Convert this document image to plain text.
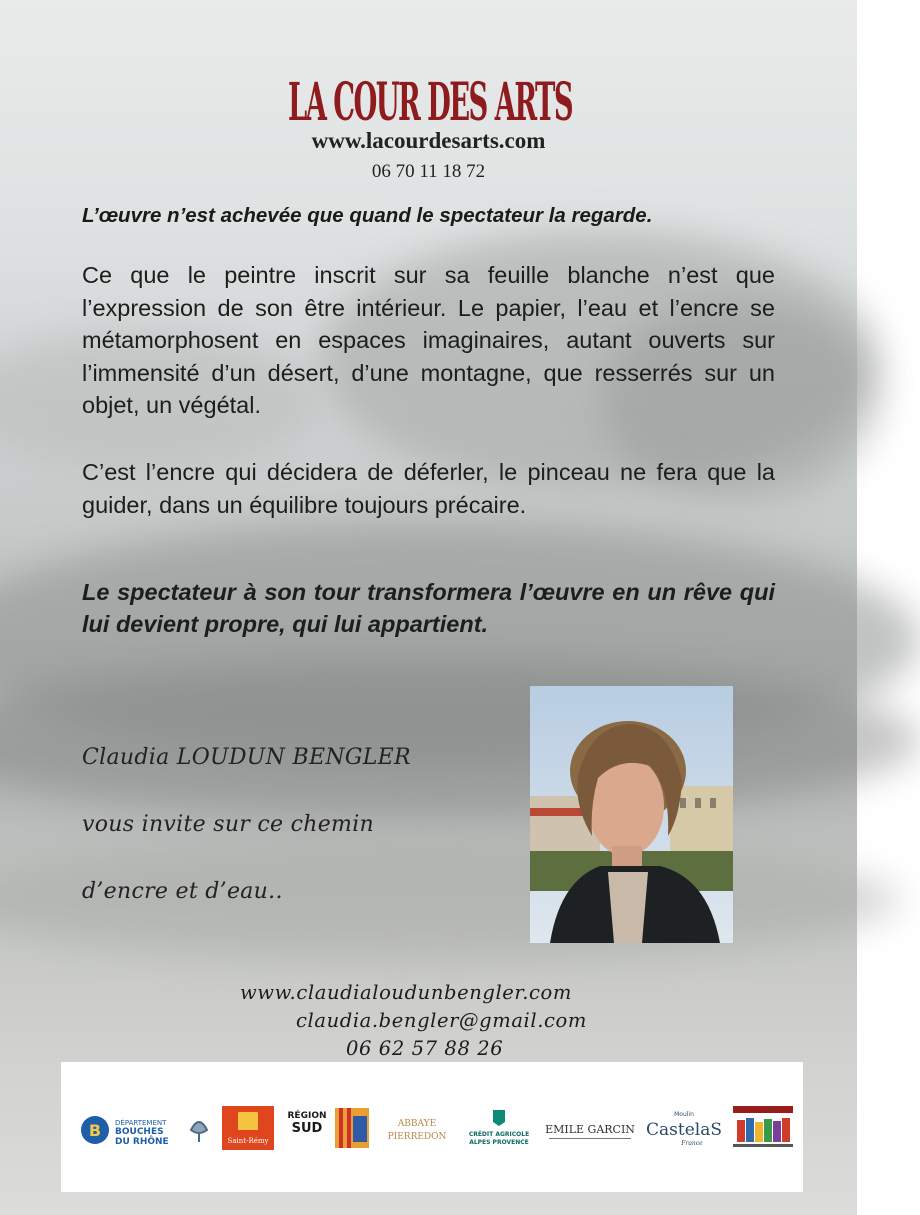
LA COUR DES ARTS
www.lacourdesarts.com
06 70 11 18 72
L’œuvre n’est achevée que quand le spectateur la regarde.
Ce que le peintre inscrit sur sa feuille blanche n’est que l’expression de son être intérieur. Le papier, l’eau et l’encre se métamorphosent en espaces imaginaires, autant ouverts sur l’immensité d’un désert, d’une montagne, que resserrés sur un objet, un végétal.
C’est l’encre qui décidera de déferler, le pinceau ne fera que la guider, dans un équilibre toujours précaire.
Le spectateur à son tour transformera l’œuvre en un rêve qui lui devient propre, qui lui appartient.
Claudia LOUDUN BENGLER
vous invite sur ce chemin
d’encre et d’eau..
www.claudialoudunbengler.com
claudia.bengler@gmail.com
06 62 57 88 26
B DÉPARTEMENT
BOUCHES
DU RHÔNE	Saint-Rémy
RÉGION
SUD	ABBAYE
PIERREDON	CRÉDIT AGRICOLE
ALPES PROVENCE
EMILE GARCIN
Moulin
CastelaS
France
